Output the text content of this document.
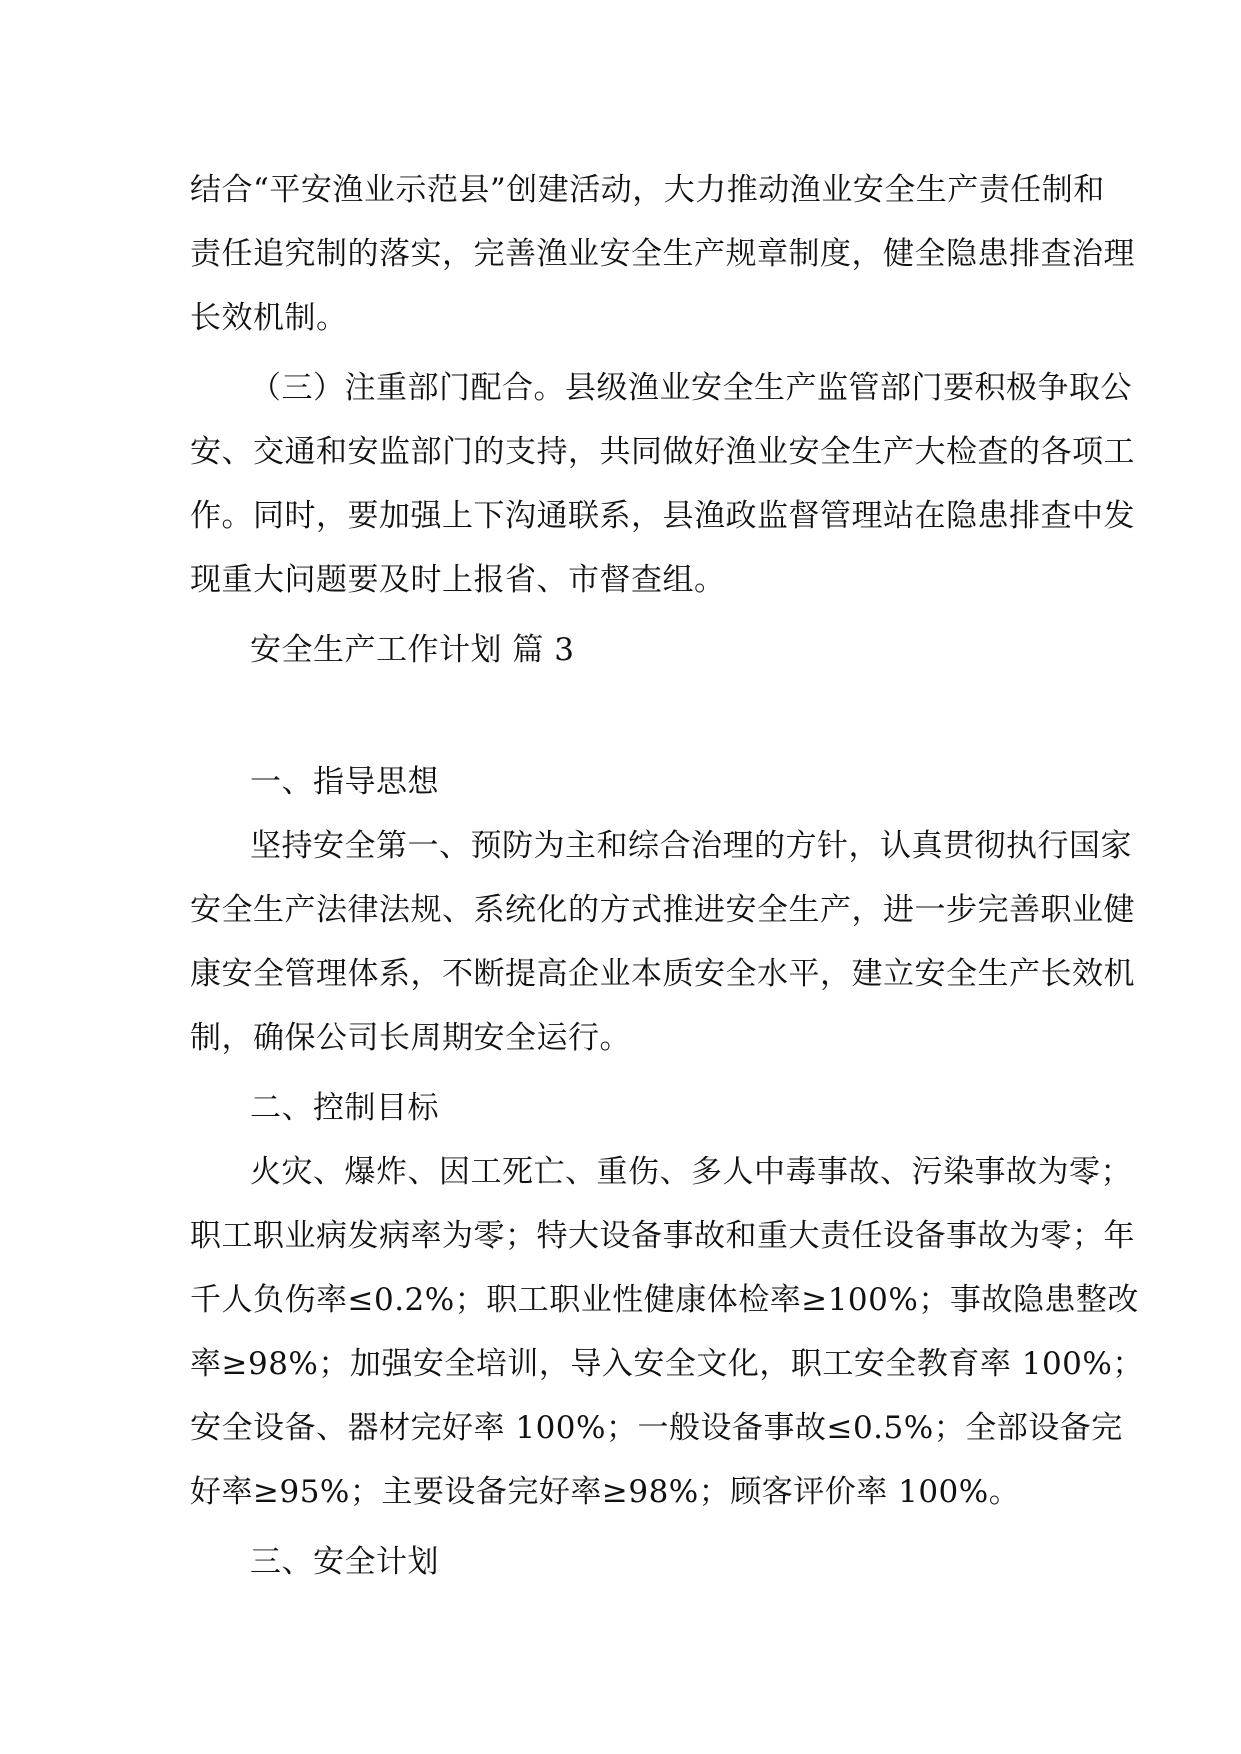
结合“平安渔业示范县”创建活动，大力推动渔业安全生产责任制和
责任追究制的落实，完善渔业安全生产规章制度，健全隐患排查治理
长效机制。
（三）注重部门配合。县级渔业安全生产监管部门要积极争取公
安、交通和安监部门的支持，共同做好渔业安全生产大检查的各项工
作。同时，要加强上下沟通联系，县渔政监督管理站在隐患排查中发
现重大问题要及时上报省、市督查组。
安全生产工作计划 篇 3
一、指导思想
坚持安全第一、预防为主和综合治理的方针，认真贯彻执行国家
安全生产法律法规、系统化的方式推进安全生产，进一步完善职业健
康安全管理体系，不断提高企业本质安全水平，建立安全生产长效机
制，确保公司长周期安全运行。
二、控制目标
火灾、爆炸、因工死亡、重伤、多人中毒事故、污染事故为零；
职工职业病发病率为零；特大设备事故和重大责任设备事故为零；年
千人负伤率≤0.2%；职工职业性健康体检率≥100%；事故隐患整改
率≥98%；加强安全培训，导入安全文化，职工安全教育率 100%；
安全设备、器材完好率 100%；一般设备事故≤0.5%；全部设备完
好率≥95%；主要设备完好率≥98%；顾客评价率 100%。
三、安全计划
